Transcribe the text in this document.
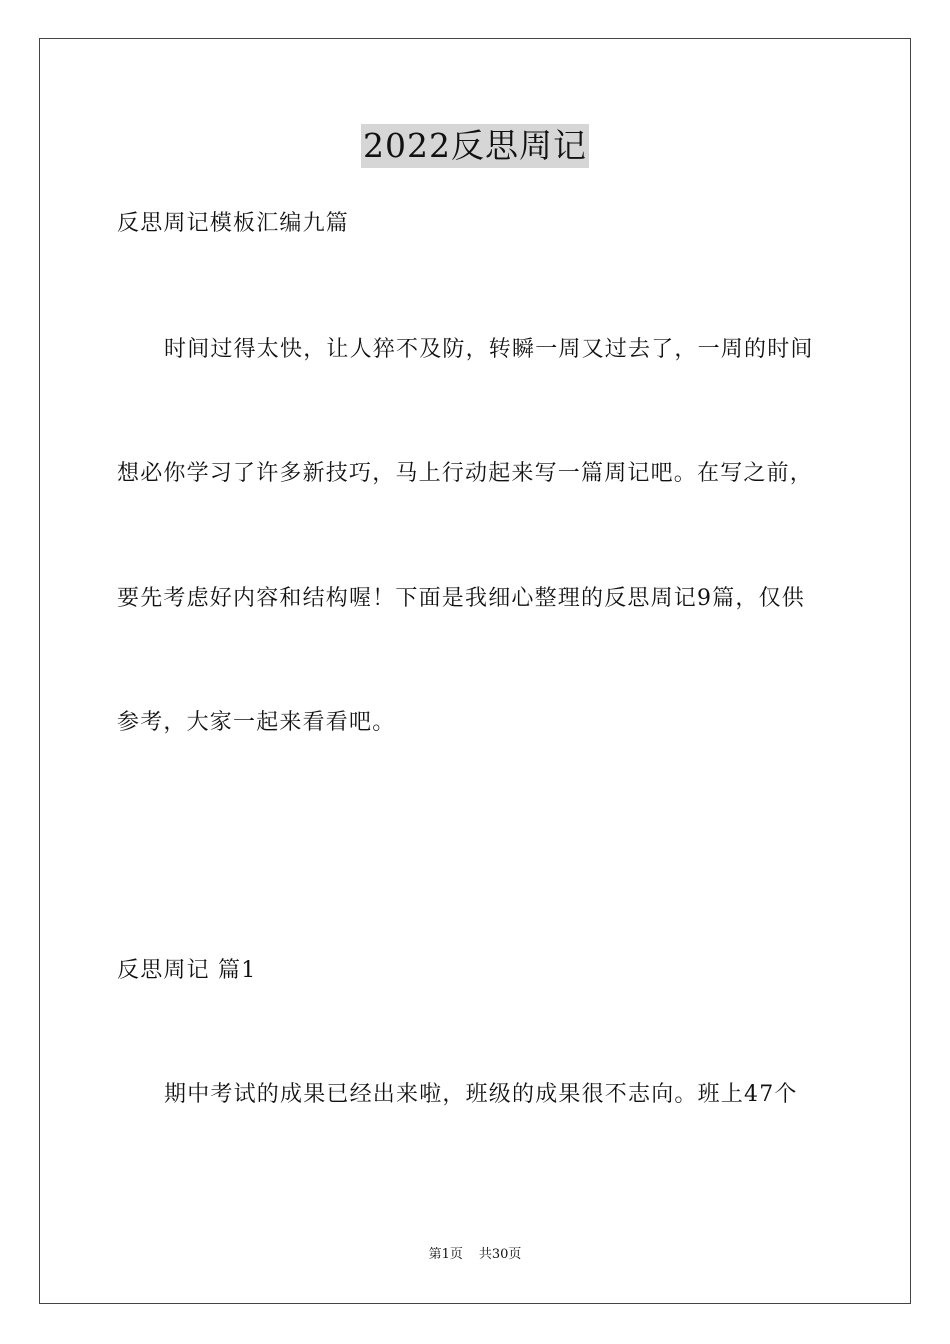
2022反思周记
反思周记模板汇编九篇
时间过得太快，让人猝不及防，转瞬一周又过去了，一周的时间
想必你学习了许多新技巧，马上行动起来写一篇周记吧。在写之前，
要先考虑好内容和结构喔！下面是我细心整理的反思周记9篇，仅供
参考，大家一起来看看吧。
反思周记 篇1
期中考试的成果已经出来啦，班级的成果很不志向。班上47个
第1页 共30页
